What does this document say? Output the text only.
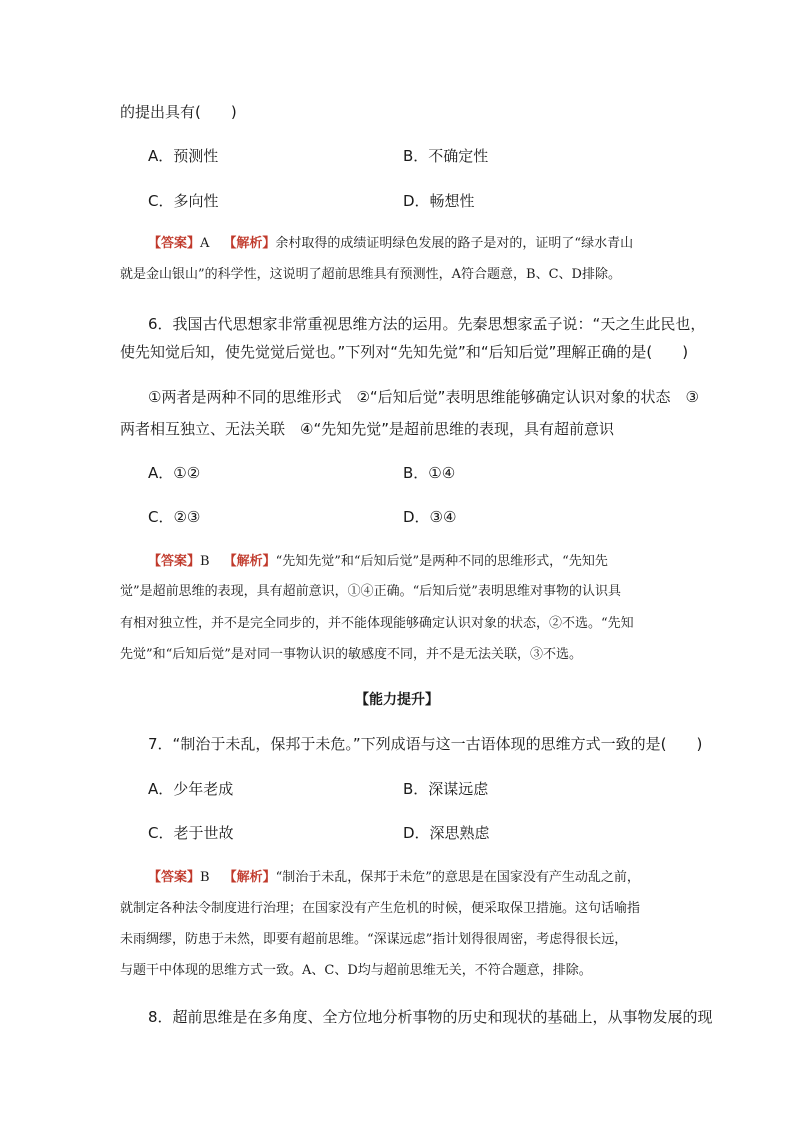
的提出具有(　　)
A．预测性	B．不确定性
C．多向性	D．畅想性
【答案】A 【解析】余村取得的成绩证明绿色发展的路子是对的，证明了“绿水青山
就是金山银山”的科学性，这说明了超前思维具有预测性，A符合题意，B、C、D排除。
6．我国古代思想家非常重视思维方法的运用。先秦思想家孟子说：“天之生此民也，
使先知觉后知，使先觉觉后觉也。”下列对“先知先觉”和“后知后觉”理解正确的是(　　)
①两者是两种不同的思维形式　②“后知后觉”表明思维能够确定认识对象的状态　③
两者相互独立、无法关联　④“先知先觉”是超前思维的表现，具有超前意识
A．①②	B．①④
C．②③	D．③④
【答案】B 【解析】“先知先觉”和“后知后觉”是两种不同的思维形式，“先知先
觉”是超前思维的表现，具有超前意识，①④正确。“后知后觉”表明思维对事物的认识具
有相对独立性，并不是完全同步的，并不能体现能够确定认识对象的状态，②不选。“先知
先觉”和“后知后觉”是对同一事物认识的敏感度不同，并不是无法关联，③不选。
【能力提升】
7．“制治于未乱，保邦于未危。”下列成语与这一古语体现的思维方式一致的是(　　)
A．少年老成	B．深谋远虑
C．老于世故	D．深思熟虑
【答案】B 【解析】“制治于未乱，保邦于未危”的意思是在国家没有产生动乱之前，
就制定各种法令制度进行治理；在国家没有产生危机的时候，便采取保卫措施。这句话喻指
未雨绸缪，防患于未然，即要有超前思维。“深谋远虑”指计划得很周密，考虑得很长远，
与题干中体现的思维方式一致。A、C、D均与超前思维无关，不符合题意，排除。
8．超前思维是在多角度、全方位地分析事物的历史和现状的基础上，从事物发展的现
